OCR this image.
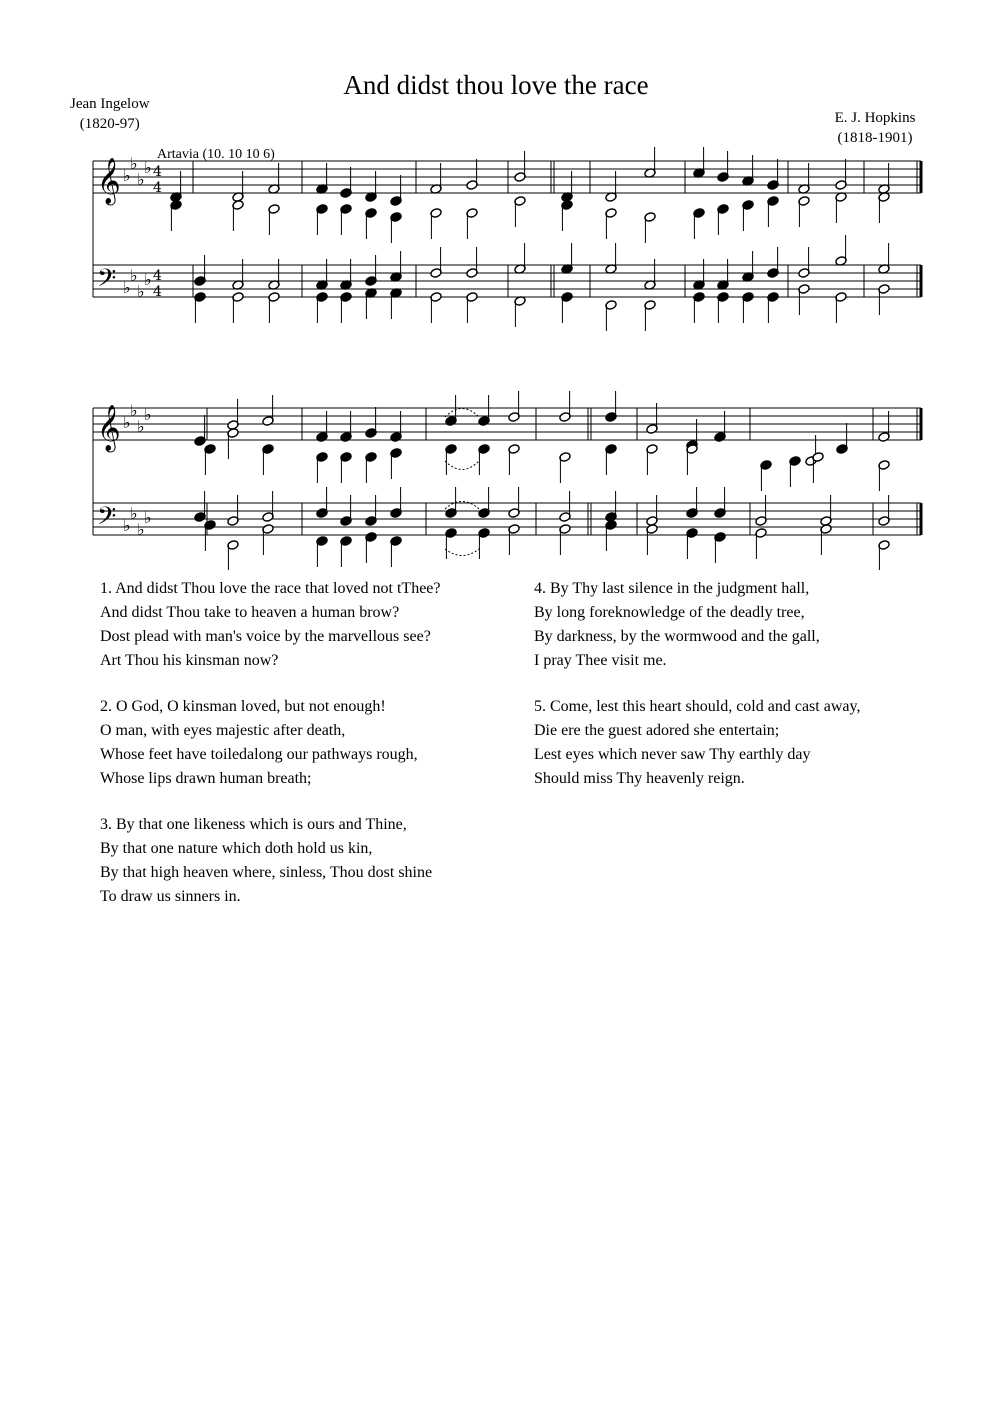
And didst thou love the race
Jean Ingelow
(1820-97)	E. J. Hopkins
(1818-1901)
Artavia (10. 10 10 6)
𝄞
𝄢
♭
♭
♭
♭
♭
♭
♭
♭
4
4
4
4
𝄞
𝄢
♭
♭
♭
♭
♭
♭
♭
♭
1. And didst Thou love the race that loved not tThee?
And didst Thou take to heaven a human brow?
Dost plead with man's voice by the marvellous see?
Art Thou his kinsman now?
2. O God, O kinsman loved, but not enough!
O man, with eyes majestic after death,
Whose feet have toiledalong our pathways rough,
Whose lips drawn human breath;
3. By that one likeness which is ours and Thine,
By that one nature which doth hold us kin,
By that high heaven where, sinless, Thou dost shine
To draw us sinners in.
4. By Thy last silence in the judgment hall,
By long foreknowledge of the deadly tree,
By darkness, by the wormwood and the gall,
I pray Thee visit me.
5. Come, lest this heart should, cold and cast away,
Die ere the guest adored she entertain;
Lest eyes which never saw Thy earthly day
Should miss Thy heavenly reign.
